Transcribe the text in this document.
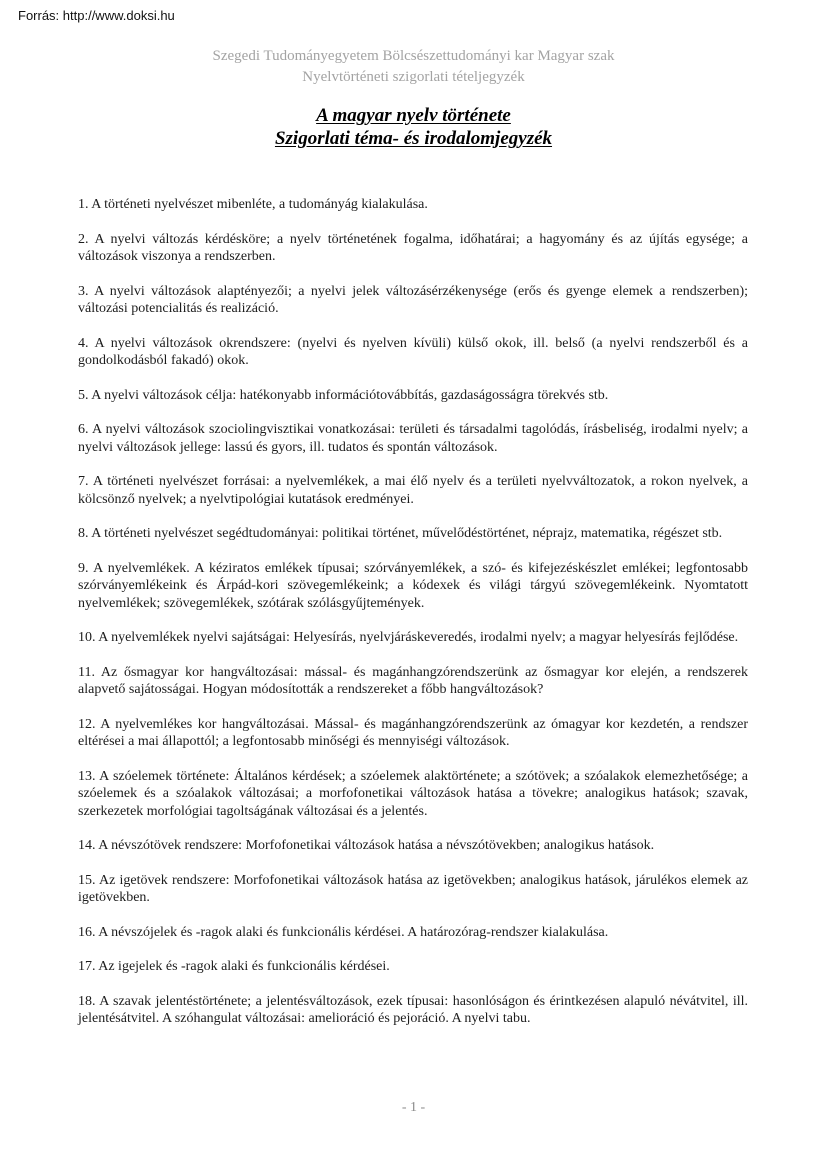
Forrás: http://www.doksi.hu
Szegedi Tudományegyetem Bölcsészettudományi kar Magyar szak
Nyelvtörténeti szigorlati tételjegyzék
A magyar nyelv története
Szigorlati téma- és irodalomjegyzék

1. A történeti nyelvészet mibenléte, a tudományág kialakulása.

2. A nyelvi változás kérdésköre; a nyelv történetének fogalma, időhatárai; a hagyomány és az újítás egysége; a változások viszonya a rendszerben.

3. A nyelvi változások alaptényezői; a nyelvi jelek változásérzékenysége (erős és gyenge elemek a rendszerben); változási potencialitás és realizáció.

4. A nyelvi változások okrendszere: (nyelvi és nyelven kívüli) külső okok, ill. belső (a nyelvi rendszerből és a gondolkodásból fakadó) okok.

5. A nyelvi változások célja: hatékonyabb információtovábbítás, gazdaságosságra törekvés stb.

6. A nyelvi változások szociolingvisztikai vonatkozásai: területi és társadalmi tagolódás, írásbeliség, irodalmi nyelv; a nyelvi változások jellege: lassú és gyors, ill. tudatos és spontán változások.

7. A történeti nyelvészet forrásai: a nyelvemlékek, a mai élő nyelv és a területi nyelvváltozatok, a rokon nyelvek, a kölcsönző nyelvek; a nyelvtipológiai kutatások eredményei.

8. A történeti nyelvészet segédtudományai: politikai történet, művelődéstörténet, néprajz, matematika, régészet stb.

9. A nyelvemlékek. A kéziratos emlékek típusai; szórványemlékek, a szó- és kifejezéskészlet emlékei; legfontosabb szórványemlékeink és Árpád-kori szövegemlékeink; a kódexek és világi tárgyú szövegemlékeink. Nyomtatott nyelvemlékek; szövegemlékek, szótárak szólásgyűjtemények.

10. A nyelvemlékek nyelvi sajátságai: Helyesírás, nyelvjáráskeveredés, irodalmi nyelv; a magyar helyesírás fejlődése.

11. Az ősmagyar kor hangváltozásai: mással- és magánhangzórendszerünk az ősmagyar kor elején, a rendszerek alapvető sajátosságai. Hogyan módosították a rendszereket a főbb hangváltozások?

12. A nyelvemlékes kor hangváltozásai. Mással- és magánhangzórendszerünk az ómagyar kor kezdetén, a rendszer eltérései a mai állapottól; a legfontosabb minőségi és mennyiségi változások.

13. A szóelemek története: Általános kérdések; a szóelemek alaktörténete; a szótövek; a szóalakok elemezhetősége; a szóelemek és a szóalakok változásai; a morfofonetikai változások hatása a tövekre; analogikus hatások; szavak, szerkezetek morfológiai tagoltságának változásai és a jelentés.

14. A névszótövek rendszere: Morfofonetikai változások hatása a névszótövekben; analogikus hatások.

15. Az igetövek rendszere: Morfofonetikai változások hatása az igetövekben; analogikus hatások, járulékos elemek az igetövekben.

16. A névszójelek és -ragok alaki és funkcionális kérdései. A határozórag-rendszer kialakulása.

17. Az igejelek és -ragok alaki és funkcionális kérdései.

18. A szavak jelentéstörténete; a jelentésváltozások, ezek típusai: hasonlóságon és érintkezésen alapuló névátvitel, ill. jelentésátvitel. A szóhangulat változásai: amelioráció és pejoráció. A nyelvi tabu.

- 1 -
